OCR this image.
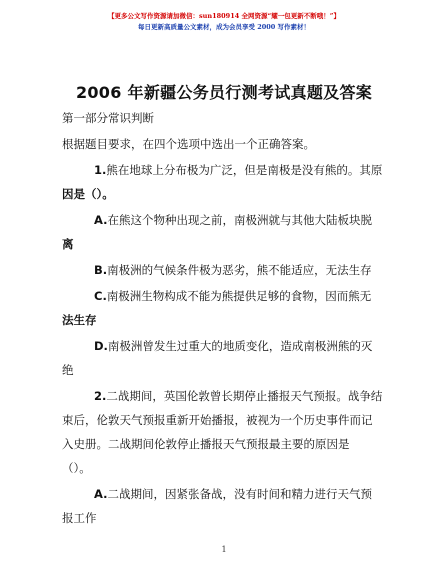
【更多公文写作资源请加微信：sun180914 全网资源“耀一包更新不断哦！”】
每日更新高质量公文素材，成为会员享受 2000 写作素材！
2006 年新疆公务员行测考试真题及答案
第一部分常识判断
根据题目要求，在四个选项中选出一个正确答案。
1.熊在地球上分布极为广泛，但是南极是没有熊的。其原
因是（）。
A.在熊这个物种出现之前，南极洲就与其他大陆板块脱
离
B.南极洲的气候条件极为恶劣，熊不能适应，无法生存
C.南极洲生物构成不能为熊提供足够的食物，因而熊无
法生存
D.南极洲曾发生过重大的地质变化，造成南极洲熊的灭
绝
2.二战期间，英国伦敦曾长期停止播报天气预报。战争结
束后，伦敦天气预报重新开始播报，被视为一个历史事件而记
入史册。二战期间伦敦停止播报天气预报最主要的原因是
（）。
A.二战期间，因紧张备战，没有时间和精力进行天气预
报工作
1
